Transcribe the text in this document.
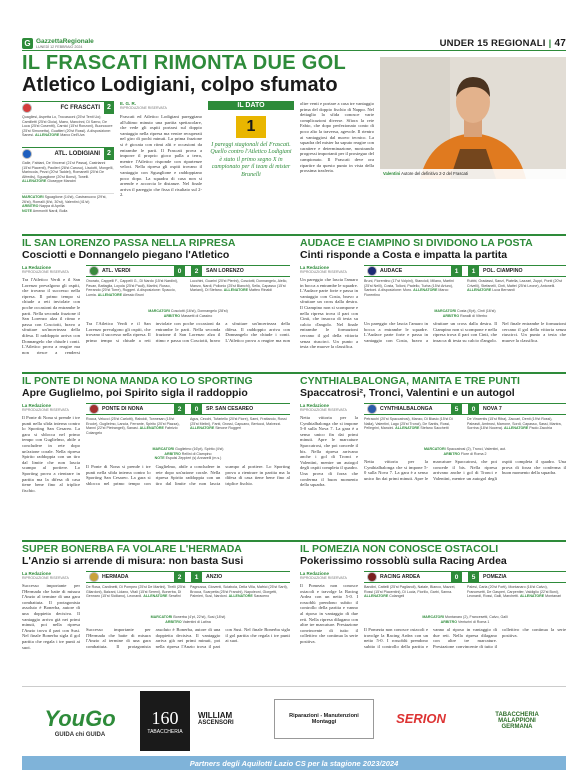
G GazzettaRegionale
LUNEDÌ 12 FEBBRAIO 2024	UNDER 15 REGIONALI | 47
IL FRASCATI RIMONTA DUE GOL
Atletico Lodigiani, colpo sfumato
Valentini Autore del definitivo 2-2 del Frascati
FC FRASCATI	2
Quagliesi, Aspetta Lo, Trocasconi (25'st Tenti Uo); Camilletti (25'st Gioia), Maeo, Mancinni, Di Sarno, De Luca (25'st Cosentti), Carnici (15'st Ronzoni), Buonocore (25'st Simonetta), Gualtieri (20'st Rossi). A disposizione: Sanesi. ALLENATORE Marco Dell'Uva
ATL. LODIGIANI	2
Galle, Fabiani, De Vincenzi (21'st Passa), Castrianni (15'st Piacenti), Paolieri (28'st Caruso), Lisciotti, Mongelli, Marincola, Pezzi (20'st Taddei), Romanelli (20'st De Alfredis), Sguaglione (20'st Bonsi), Tonelli. ALLENATORE Giuseppe Mancini
MARCATORI Sguaglione (14'st), Castranuovo (29'st, 26'st), Romalli (6'st, 30'st), Valentini (41'st)
ARBITRO Nappa di Aprilia
NOTE Ammoniti Nardi, Bulla
E. G. R.
RIPRODUZIONE RISERVATA
Frascati ed Atletico Lodigiani pareggiano all'ultimo minuto una partita spettacolare, che vede gli ospiti portarsi sul doppio vantaggio nella ripresa ma venire recuperati nel giro di pochi minuti. La prima frazione si è giocata con ritmi alti e occasioni da entrambe le parti. Il Frascati prova a imporre il proprio gioco palla a terra, mentre l'Atletico risponde con ripartenze veloci. Nella ripresa gli ospiti trovano il vantaggio con Sguaglione e raddoppiano poco dopo. La squadra di casa non si arrende e accorcia le distanze. Nel finale arriva il pareggio che fissa il risultato sul 2-2.
IL DATO
1
I pareggi stagionali del Frascati. Quello contro l'Atletico Lodigiani è stato il primo segno X in campionato per il team di mister Brunelli
oltre venti e portare a casa tre vantaggio prima del doppio fischio di Nappo. Nel dettaglio la sfida conosce varie complicazioni diverse. Sfiora la rete Fabio, che dopo perfezionato conto di poco alto la traversa, agevole. Il rientro ai vantaggiosi dal nuovo tecnico. La squadra del mister ha saputo reagire con carattere e determinazione, mostrando progressi importanti per il prosieguo del campionato. Il Frascati deve ora ripartire da questo punto in vista della prossima trasferta.
IL SAN LORENZO PASSA NELLA RIPRESA
Cosciotti e Donnangelo piegano l'Atletico
La Redazione
RIPRODUZIONE RISERVATA
Tra l'Atletico Verdi e il San Lorenzo prevalgono gli ospiti, che trovano il successo nella ripresa. Il primo tempo si chiude a reti inviolate con poche occasioni da entrambe le parti. Nella seconda frazione il San Lorenzo alza il ritmo e passa con Cosciotti, bravo a sfruttare un'incertezza della difesa. Il raddoppio arriva con Donnangelo che chiude i conti. L'Atletico prova a reagire ma non riesce a rendersi
ATL. VERDI	0	2	SAN LORENZO
Onorato, Cappelli F., Cappelli G., Di Nardo (15'st Nardini), Pavan, Battaglia, Loyola (25'st Pauli), Martini, Russo, Ferrando (20'st Torre), Ruggeri. A disposizione: Spaccio, Lumia. ALLENATORE Alessio Bruni
Lucchini, Guarini (20'st Pierini), Cosciotti, Donnangelo, Aiello, Manzo, Nardi, Pollonio (25'st Bianchi), Sella, Capasso (15'st Mariani), Di Stefano. ALLENATORE Matteo Rinaldi
MARCATORI Cosciotti (16'st), Donnangelo (28'st)
ARBITRO Massetti di Cassino
Tra l'Atletico Verdi e il San Lorenzo prevalgono gli ospiti, che trovano il successo nella ripresa. Il primo tempo si chiude a reti inviolate con poche occasioni da entrambe le parti. Nella seconda frazione il San Lorenzo alza il ritmo e passa con Cosciotti, bravo a sfruttare un'incertezza della difesa. Il raddoppio arriva con Donnangelo che chiude i conti. L'Atletico prova a reagire ma non
AUDACE E CIAMPINO SI DIVIDONO LA POSTA
Cinti risponde a Costa e impatta la partita
La Redazione
RIPRODUZIONE RISERVATA
Un pareggio che lascia l'amaro in bocca a entrambe le squadre. L'Audace parte forte e passa in vantaggio con Costa, bravo a sfruttare un cross dalla destra. Il Ciampino non si scompone e nella ripresa trova il pari con Cinti, che insacca di testa su calcio d'angolo. Nel finale entrambe le formazioni cercano il gol della vittoria senza riuscirci. Un punto a testa che muove la classifica.
AUDACE	1	1	POL. CIAMPINO
Bruni, Fiorentino (17'st Volpini), Stancioli, Milano, Martini (25'st Nelli), Costa, Tolloni, Padello, Turba (15'st Arturo), Santoni. A disposizione: Moro. ALLENATORE Marco Fiorentino
Rubbi, Gradassi, Sanzi, Piatella, Lazzari, Zuppi, Ponti (20'st Crivelli), Stefanelli, Cinti, Mattei (25'st Leone), Antonelli. ALLENATORE Luca Bernardi
MARCATORI Costa (8'pt), Cinti (16'st)
ARBITRO Ranalli di Viterbo
Un pareggio che lascia l'amaro in bocca a entrambe le squadre. L'Audace parte forte e passa in vantaggio con Costa, bravo a sfruttare un cross dalla destra. Il Ciampino non si scompone e nella ripresa trova il pari con Cinti, che insacca di testa su calcio d'angolo. Nel finale entrambe le formazioni cercano il gol della vittoria senza riuscirci. Un punto a testa che muove la classifica.
IL PONTE DI NONA MANDA KO LO SPORTING
Apre Guglielmo, poi Spirito sigla il raddoppio
La Redazione
RIPRODUZIONE RISERVATA
Il Ponte di Nona si prende i tre punti nella sfida interna contro lo Sporting San Cesareo. La gara si sblocca nel primo tempo con Guglielmo, abile a concludere in rete dopo un'azione corale. Nella ripresa Spirito raddoppia con un tiro dal limite che non lascia scampo al portiere. Lo Sporting prova a rientrare in partita ma la difesa di casa tiene bene fino al triplice fischio.
PONTE DI NONA	2	0	SP. SAN CESAREO
Rocca, Velucci (25'st Carlotti), Raboldi, Tonnesan (15'st Ercole), Guglielmo, Lancia, Ferrante, Spirito (20'st Piazza), Manni (22'st Pietrangeli), Sanasi. ALLENATORE Fabrizio Colangelo
Agus, Cecchi, Tufariello (20'st Fiore), Sarni, Frattarolo, Rossi (25'st Melini), Fanti, Grossi, Capuano, Bertucci, Malvezzi. ALLENATORE Simone Ruggeri
MARCATORI Guglielmo (16'pt), Spirito (4'st)
ARBITRO Rellini di Ciampino
NOTE Espulsi Zeppieri (s) Annarelli (m.s.)
Il Ponte di Nona si prende i tre punti nella sfida interna contro lo Sporting San Cesareo. La gara si sblocca nel primo tempo con Guglielmo, abile a concludere in rete dopo un'azione corale. Nella ripresa Spirito raddoppia con un tiro dal limite che non lascia scampo al portiere. Lo Sporting prova a rientrare in partita ma la difesa di casa tiene bene fino al triplice fischio.
CYNTHIALBALONGA, MANITA E TRE PUNTI
Spaccatrosi², Tronci, Valentini e un autogol
La Redazione
RIPRODUZIONE RISERVATA
Netta vittoria per la Cynthialbalonga che si impone 5-0 sulla Nova 7. La gara è a senso unico fin dai primi minuti. Apre le marcature Spaccatrosi, che poi concede il bis. Nella ripresa arrivano anche i gol di Tronci e Valentini, mentre un autogol degli ospiti completa il quadro. Una prova di forza che conferma il buon momento della squadra.
CYNTHIALBALONGA	5	0	NOVA 7
Petracchi (20'st Spaccatrosi), Manzo, Di Biasio (15'st Di Nalla), Valentini, Lago (25'st Tronci), De Santis, Rossi, Pellegrini, Mancini. ALLENATORE Stefano Sacchetti
De Vincentis (15'st Riba), Zaccari, Denti (19'st Rossi), Paleasti, Ambrosi, Marrone, Sordi, Capasso, Sassi, Mantra, Sorrina (18'st Nocera). ALLENATORE Paolo Zacchia
MARCATORI Spaccatrosi (2), Tronci, Valentini, aut.
ARBITRO Flore di Roma 2
Netta vittoria per la Cynthialbalonga che si impone 5-0 sulla Nova 7. La gara è a senso unico fin dai primi minuti. Apre le marcature Spaccatrosi, che poi concede il bis. Nella ripresa arrivano anche i gol di Tronci e Valentini, mentre un autogol degli ospiti completa il quadro. Una prova di forza che conferma il buon momento della squadra.
SUPER BONERBA FA VOLARE L'HERMADA
L'Anzio si arrende di misura: non basta Susi
La Redazione
RIPRODUZIONE RISERVATA
Successo importante per l'Hermada che batte di misura l'Anzio al termine di una gara combattuta. Il protagonista assoluto è Bonerba, autore di una doppietta decisiva. Il vantaggio arriva già nei primi minuti, poi nella ripresa l'Anzio trova il pari con Susi. Nel finale Bonerba sigla il gol partita che regala i tre punti ai suoi.
HERMADA	2	1	ANZIO
De Rosa, Cardinetti, Di Pompeo (25'st De Martini), Tirelli (25'st Gilardoni), Balzani, Lidano, Vitali (15'st Sereni), Bonerba, Di Gennaro (15'st Siciliano), Leonardi. ALLENATORE Serafini
Pagnussa, Gioventi, Sciabola, Della Villa, Mafrici (25'st Sarti), Brocca, Scarpetta (25'st Franchi), Napoleoni, Giorgetti, Palmieri, Susi, Nardoni. ALLENATORE Saraceno
MARCATORI Bonerba (4'pt, 22'st), Susi (18'st)
ARBITRO Valentini di Latina
Successo importante per l'Hermada che batte di misura l'Anzio al termine di una gara combattuta. Il protagonista assoluto è Bonerba, autore di una doppietta decisiva. Il vantaggio arriva già nei primi minuti, poi nella ripresa l'Anzio trova il pari con Susi. Nel finale Bonerba sigla il gol partita che regala i tre punti ai suoi.
IL POMEZIA NON CONOSCE OSTACOLI
Pokerissimo rossoblù sulla Racing Ardea
La Redazione
RIPRODUZIONE RISERVATA
Il Pomezia non conosce ostacoli e travolge la Racing Ardea con un netto 5-0. I rossoblù prendono subito il controllo della partita e vanno al riposo in vantaggio di due reti. Nella ripresa dilagano con altre tre marcature. Prestazione convincente di tutto il collettivo che continua la serie positiva.
RACING ARDEA	0	5	POMEZIA
Bandini, Cattelli (25'st Pagliaroli), Natale, Bianco, Mazzei, Rossi (15'st Piacentini), Di Lucia, Fiorillo, Garbi, Sanna. ALLENATORE Colangeli
Palesi, Carla (20'st Forti), Montanaro (16'st Calvo), Francesetti, De Gasperi, Carpentier, Valdiglio (22'st Boni), Leonardi, Rossi, Galli, Marchetti. ALLENATORE Montanari
MARCATORI Montanaro (2), Francesetti, Calvo, Galli
ARBITRO Venturini di Roma 1
Il Pomezia non conosce ostacoli e travolge la Racing Ardea con un netto 5-0. I rossoblù prendono subito il controllo della partita e vanno al riposo in vantaggio di due reti. Nella ripresa dilagano con altre tre marcature. Prestazione convincente di tutto il collettivo che continua la serie positiva.
YouGo
GUIDA chi GUIDA
160
TABACCHERIA
WILLIAM
ASCENSORI
Riparazioni - Manutenzioni
Montaggi	SERION	TABACCHERIA
MALAPPIONI
GERMANA
Partners degli Aquilotti Lazio CS per la stagione 2023/2024
